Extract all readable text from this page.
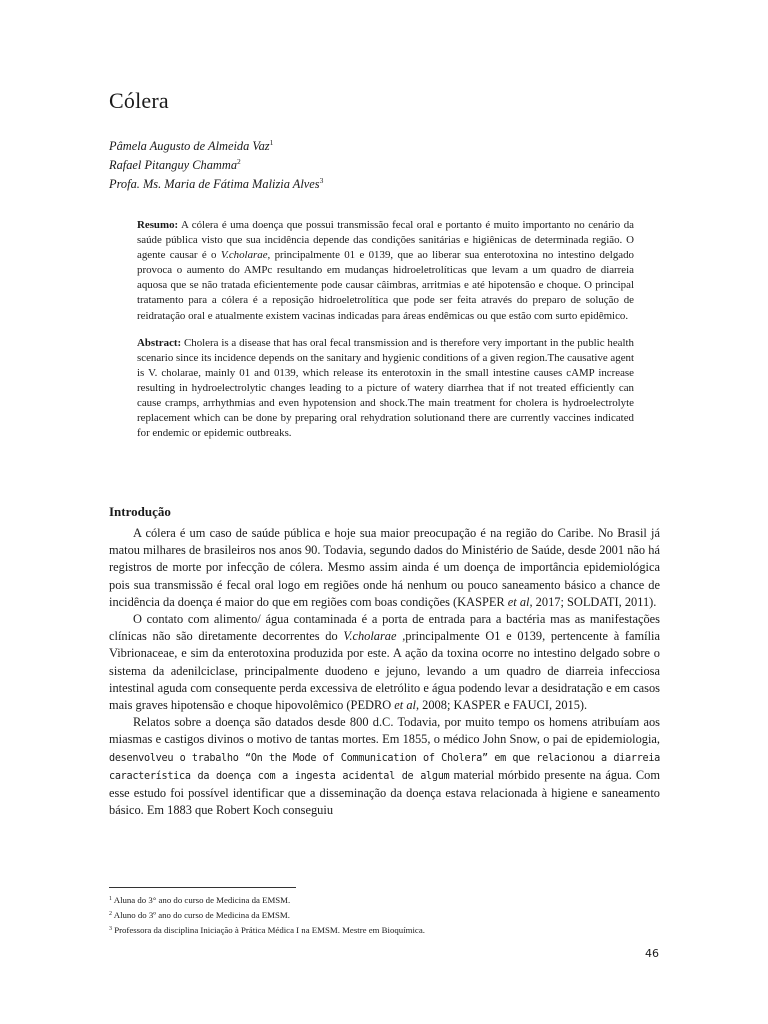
Cólera
Pâmela Augusto de Almeida Vaz$^1$
Rafael Pitanguy Chamma$^2$
Profa. Ms. Maria de Fátima Malizia Alves$^3$

Resumo: A cólera é uma doença que possui transmissão fecal oral e portanto é muito importanto no cenário da saúde pública visto que sua incidência depende das condições sanitárias e higiênicas de determinada região. O agente causar é o V.cholarae, principalmente 01 e 0139, que ao liberar sua enterotoxina no intestino delgado provoca o aumento do AMPc resultando em mudanças hidroeletrolíticas que levam a um quadro de diarreia aquosa que se não tratada eficientemente pode causar câimbras, arritmias e até hipotensão e choque. O principal tratamento para a cólera é a reposição hidroeletrolítica que pode ser feita através do preparo de solução de reidratação oral e atualmente existem vacinas indicadas para áreas endêmicas ou que estão com surto epidêmico.

Abstract: Cholera is a disease that has oral fecal transmission and is therefore very important in the public health scenario since its incidence depends on the sanitary and hygienic conditions of a given region.The causative agent is V. cholarae, mainly 01 and 0139, which release its enterotoxin in the small intestine causes cAMP increase resulting in hydroelectrolytic changes leading to a picture of watery diarrhea that if not treated efficiently can cause cramps, arrhythmias and even hypotension and shock.The main treatment for cholera is hydroelectrolyte replacement which can be done by preparing oral rehydration solutionand there are currently vaccines indicated for endemic or epidemic outbreaks.

Introdução

A cólera é um caso de saúde pública e hoje sua maior preocupação é na região do Caribe. No Brasil já matou milhares de brasileiros nos anos 90. Todavia, segundo dados do Ministério de Saúde, desde 2001 não há registros de morte por infecção de cólera. Mesmo assim ainda é um doença de importância epidemiológica pois sua transmissão é fecal oral logo em regiões onde há nenhum ou pouco saneamento básico a chance de incidência da doença é maior do que em regiões com boas condições (KASPER et al, 2017; SOLDATI, 2011).

O contato com alimento/ água contaminada é a porta de entrada para a bactéria mas as manifestações clínicas não são diretamente decorrentes do V.cholarae ,principalmente O1 e 0139, pertencente à família Vibrionaceae, e sim da enterotoxina produzida por este. A ação da toxina ocorre no intestino delgado sobre o sistema da adenilciclase, principalmente duodeno e jejuno, levando a um quadro de diarreia infecciosa intestinal aguda com consequente perda excessiva de eletrólito e água podendo levar a desidratação e em casos mais graves hipotensão e choque hipovolêmico (PEDRO et al, 2008; KASPER e FAUCI, 2015).

Relatos sobre a doença são datados desde 800 d.C. Todavia, por muito tempo os homens atribuíam aos miasmas e castigos divinos o motivo de tantas mortes. Em 1855, o médico John Snow, o pai de epidemiologia, desenvolveu o trabalho “On the Mode of Communication of Cholera” em que relacionou a diarreia característica da doença com a ingesta acidental de algum material mórbido presente na água. Com esse estudo foi possível identificar que a disseminação da doença estava relacionada à higiene e saneamento básico. Em 1883 que Robert Koch conseguiu

$^1$ Aluna do 3° ano do curso de Medicina da EMSM.
$^2$ Aluno do 3º ano do curso de Medicina da EMSM.
$^3$ Professora da disciplina Iniciação à Prática Médica I na EMSM. Mestre em Bioquímica.
46
